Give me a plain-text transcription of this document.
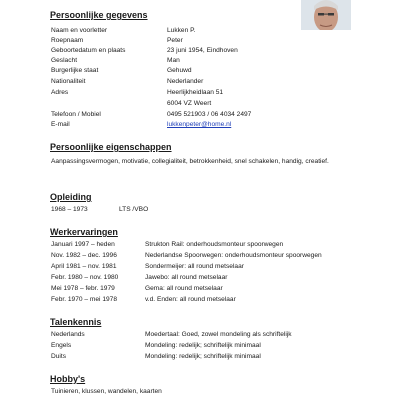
Persoonlijke gegevens
Naam en voorletter	Lukken P.
Roepnaam	Peter
Geboortedatum en plaats	23 juni 1954, Eindhoven
Geslacht	Man
Burgerlijke staat	Gehuwd
Nationaliteit	Nederlander
Adres	Heerlijkheidlaan 51
6004 VZ Weert
Telefoon / Mobiel	0495 521903 / 06 4034 2497
E-mail	lukkenpeter@home.nl
Persoonlijke eigenschappen
Aanpassingsvermogen, motivatie, collegialiteit, betrokkenheid, snel schakelen, handig, creatief.
Opleiding
1968 – 1973	LTS /VBO
Werkervaringen
Januari 1997 – heden	Strukton Rail: onderhoudsmonteur spoorwegen
Nov. 1982 – dec. 1996	Nederlandse Spoorwegen: onderhoudsmonteur spoorwegen
April 1981 – nov. 1981	Sondermeijer: all round metselaar
Febr. 1980 – nov. 1980	Jawebo: all round metselaar
Mei 1978 – febr. 1979	Gema: all round metselaar
Febr. 1970 – mei 1978	v.d. Enden: all round metselaar
Talenkennis
Nederlands	Moedertaal: Goed, zowel mondeling als schriftelijk
Engels	Mondeling: redelijk; schriftelijk minimaal
Duits	Mondeling: redelijk; schriftelijk minimaal
Hobby's
Tuinieren, klussen, wandelen, kaarten
